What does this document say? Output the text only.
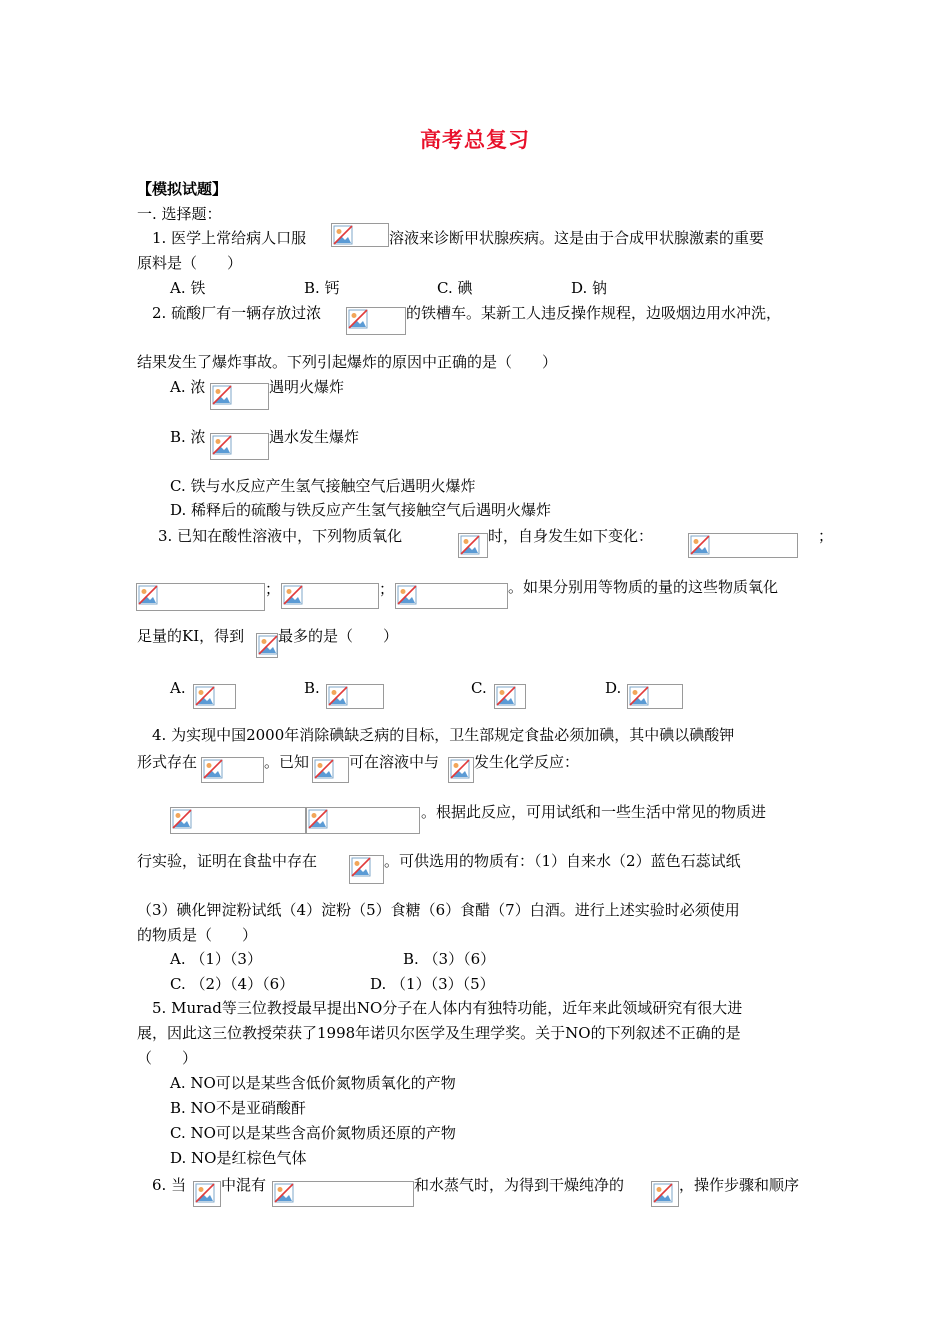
高考总复习
【模拟试题】
一. 选择题：
1. 医学上常给病人口服	溶液来诊断甲状腺疾病。这是由于合成甲状腺激素的重要
原料是（　　）
A. 铁	B. 钙	C. 碘	D. 钠
2. 硫酸厂有一辆存放过浓	的铁槽车。某新工人违反操作规程，边吸烟边用水冲洗，
结果发生了爆炸事故。下列引起爆炸的原因中正确的是（　　）
A. 浓	遇明火爆炸
B. 浓	遇水发生爆炸
C. 铁与水反应产生氢气接触空气后遇明火爆炸
D. 稀释后的硫酸与铁反应产生氢气接触空气后遇明火爆炸
3. 已知在酸性溶液中，下列物质氧化	时，自身发生如下变化：	；
；	；	。如果分别用等物质的量的这些物质氧化
足量的KI，得到 最多的是（　　）
A.	B.	C.	D.
4. 为实现中国2000年消除碘缺乏病的目标，卫生部规定食盐必须加碘，其中碘以碘酸钾
形式存在	。已知	可在溶液中与 发生化学反应：
。根据此反应，可用试纸和一些生活中常见的物质进
行实验，证明在食盐中存在	。可供选用的物质有：（1）自来水（2）蓝色石蕊试纸
（3）碘化钾淀粉试纸（4）淀粉（5）食糖（6）食醋（7）白酒。进行上述实验时必须使用
的物质是（　　）
A. （1）（3）	B. （3）（6）
C. （2）（4）（6）	D. （1）（3）（5）
5. Murad等三位教授最早提出NO分子在人体内有独特功能，近年来此领域研究有很大进
展，因此这三位教授荣获了1998年诺贝尔医学及生理学奖。关于NO的下列叙述不正确的是
（　　）
A. NO可以是某些含低价氮物质氧化的产物
B. NO不是亚硝酸酐
C. NO可以是某些含高价氮物质还原的产物
D. NO是红棕色气体
6. 当 中混有	和水蒸气时，为得到干燥纯净的	，操作步骤和顺序
